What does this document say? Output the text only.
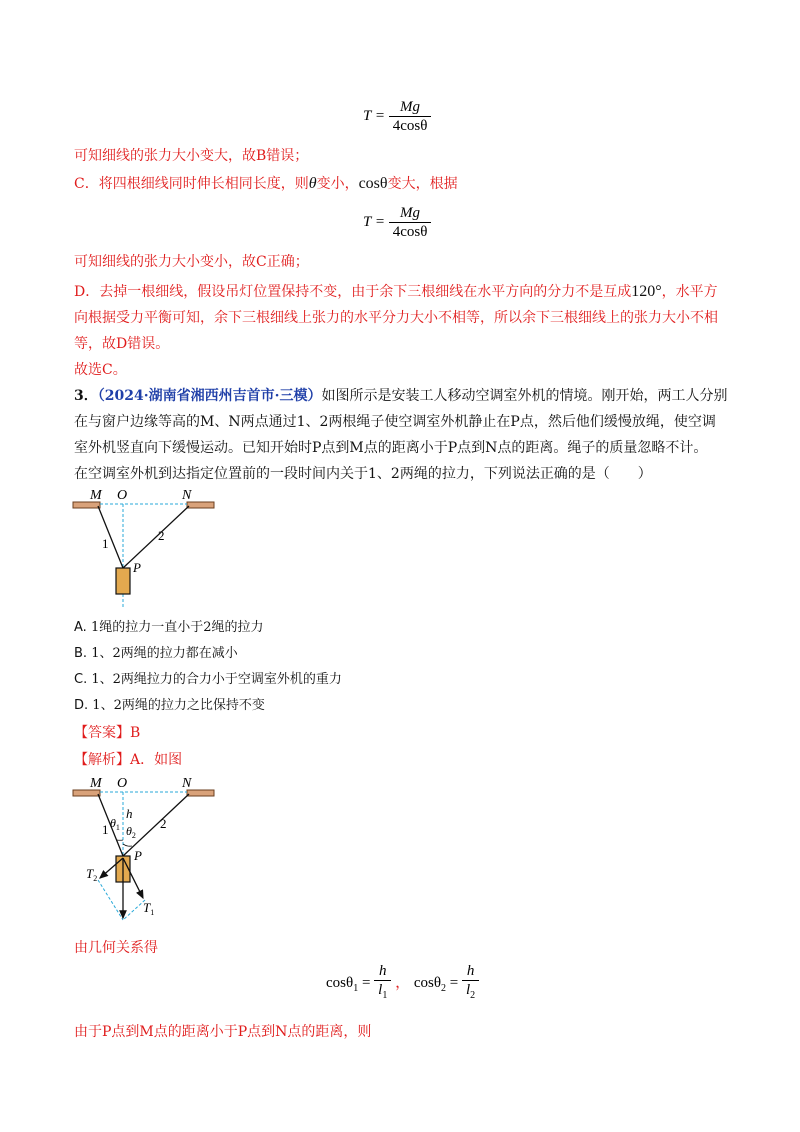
$T = \frac{Mg}{4\cos\theta}$
可知细线的张力大小变大，故B错误；
C．将四根细线同时伸长相同长度，则θ变小，cosθ变大，根据
$T = \frac{Mg}{4\cos\theta}$
可知细线的张力大小变小，故C正确；
D．去掉一根细线，假设吊灯位置保持不变，由于余下三根细线在水平方向的分力不是互成120°，水平方
向根据受力平衡可知，余下三根细线上张力的水平分力大小不相等，所以余下三根细线上的张力大小不相
等，故D错误。
故选C。
3．（2024·湖南省湘西州吉首市·三模）如图所示是安装工人移动空调室外机的情境。刚开始，两工人分别
在与窗户边缘等高的M、N两点通过1、2两根绳子使空调室外机静止在P点，然后他们缓慢放绳，使空调
室外机竖直向下缓慢运动。已知开始时P点到M点的距离小于P点到N点的距离。绳子的质量忽略不计。
在空调室外机到达指定位置前的一段时间内关于1、2两绳的拉力，下列说法正确的是（　　）
M O	N
1
2
P
A. 1绳的拉力一直小于2绳的拉力
B. 1、2两绳的拉力都在减小
C. 1、2两绳拉力的合力小于空调室外机的重力
D. 1、2两绳的拉力之比保持不变
【答案】B
【解析】A．如图
M O	N
h
$\theta_1$ $\theta_2$
1	2
P
$T_2$
$T_1$
由几何关系得
$\cos\theta_1 = \frac{h}{l_1}$ ， $\cos\theta_2 = \frac{h}{l_2}$
由于P点到M点的距离小于P点到N点的距离，则
